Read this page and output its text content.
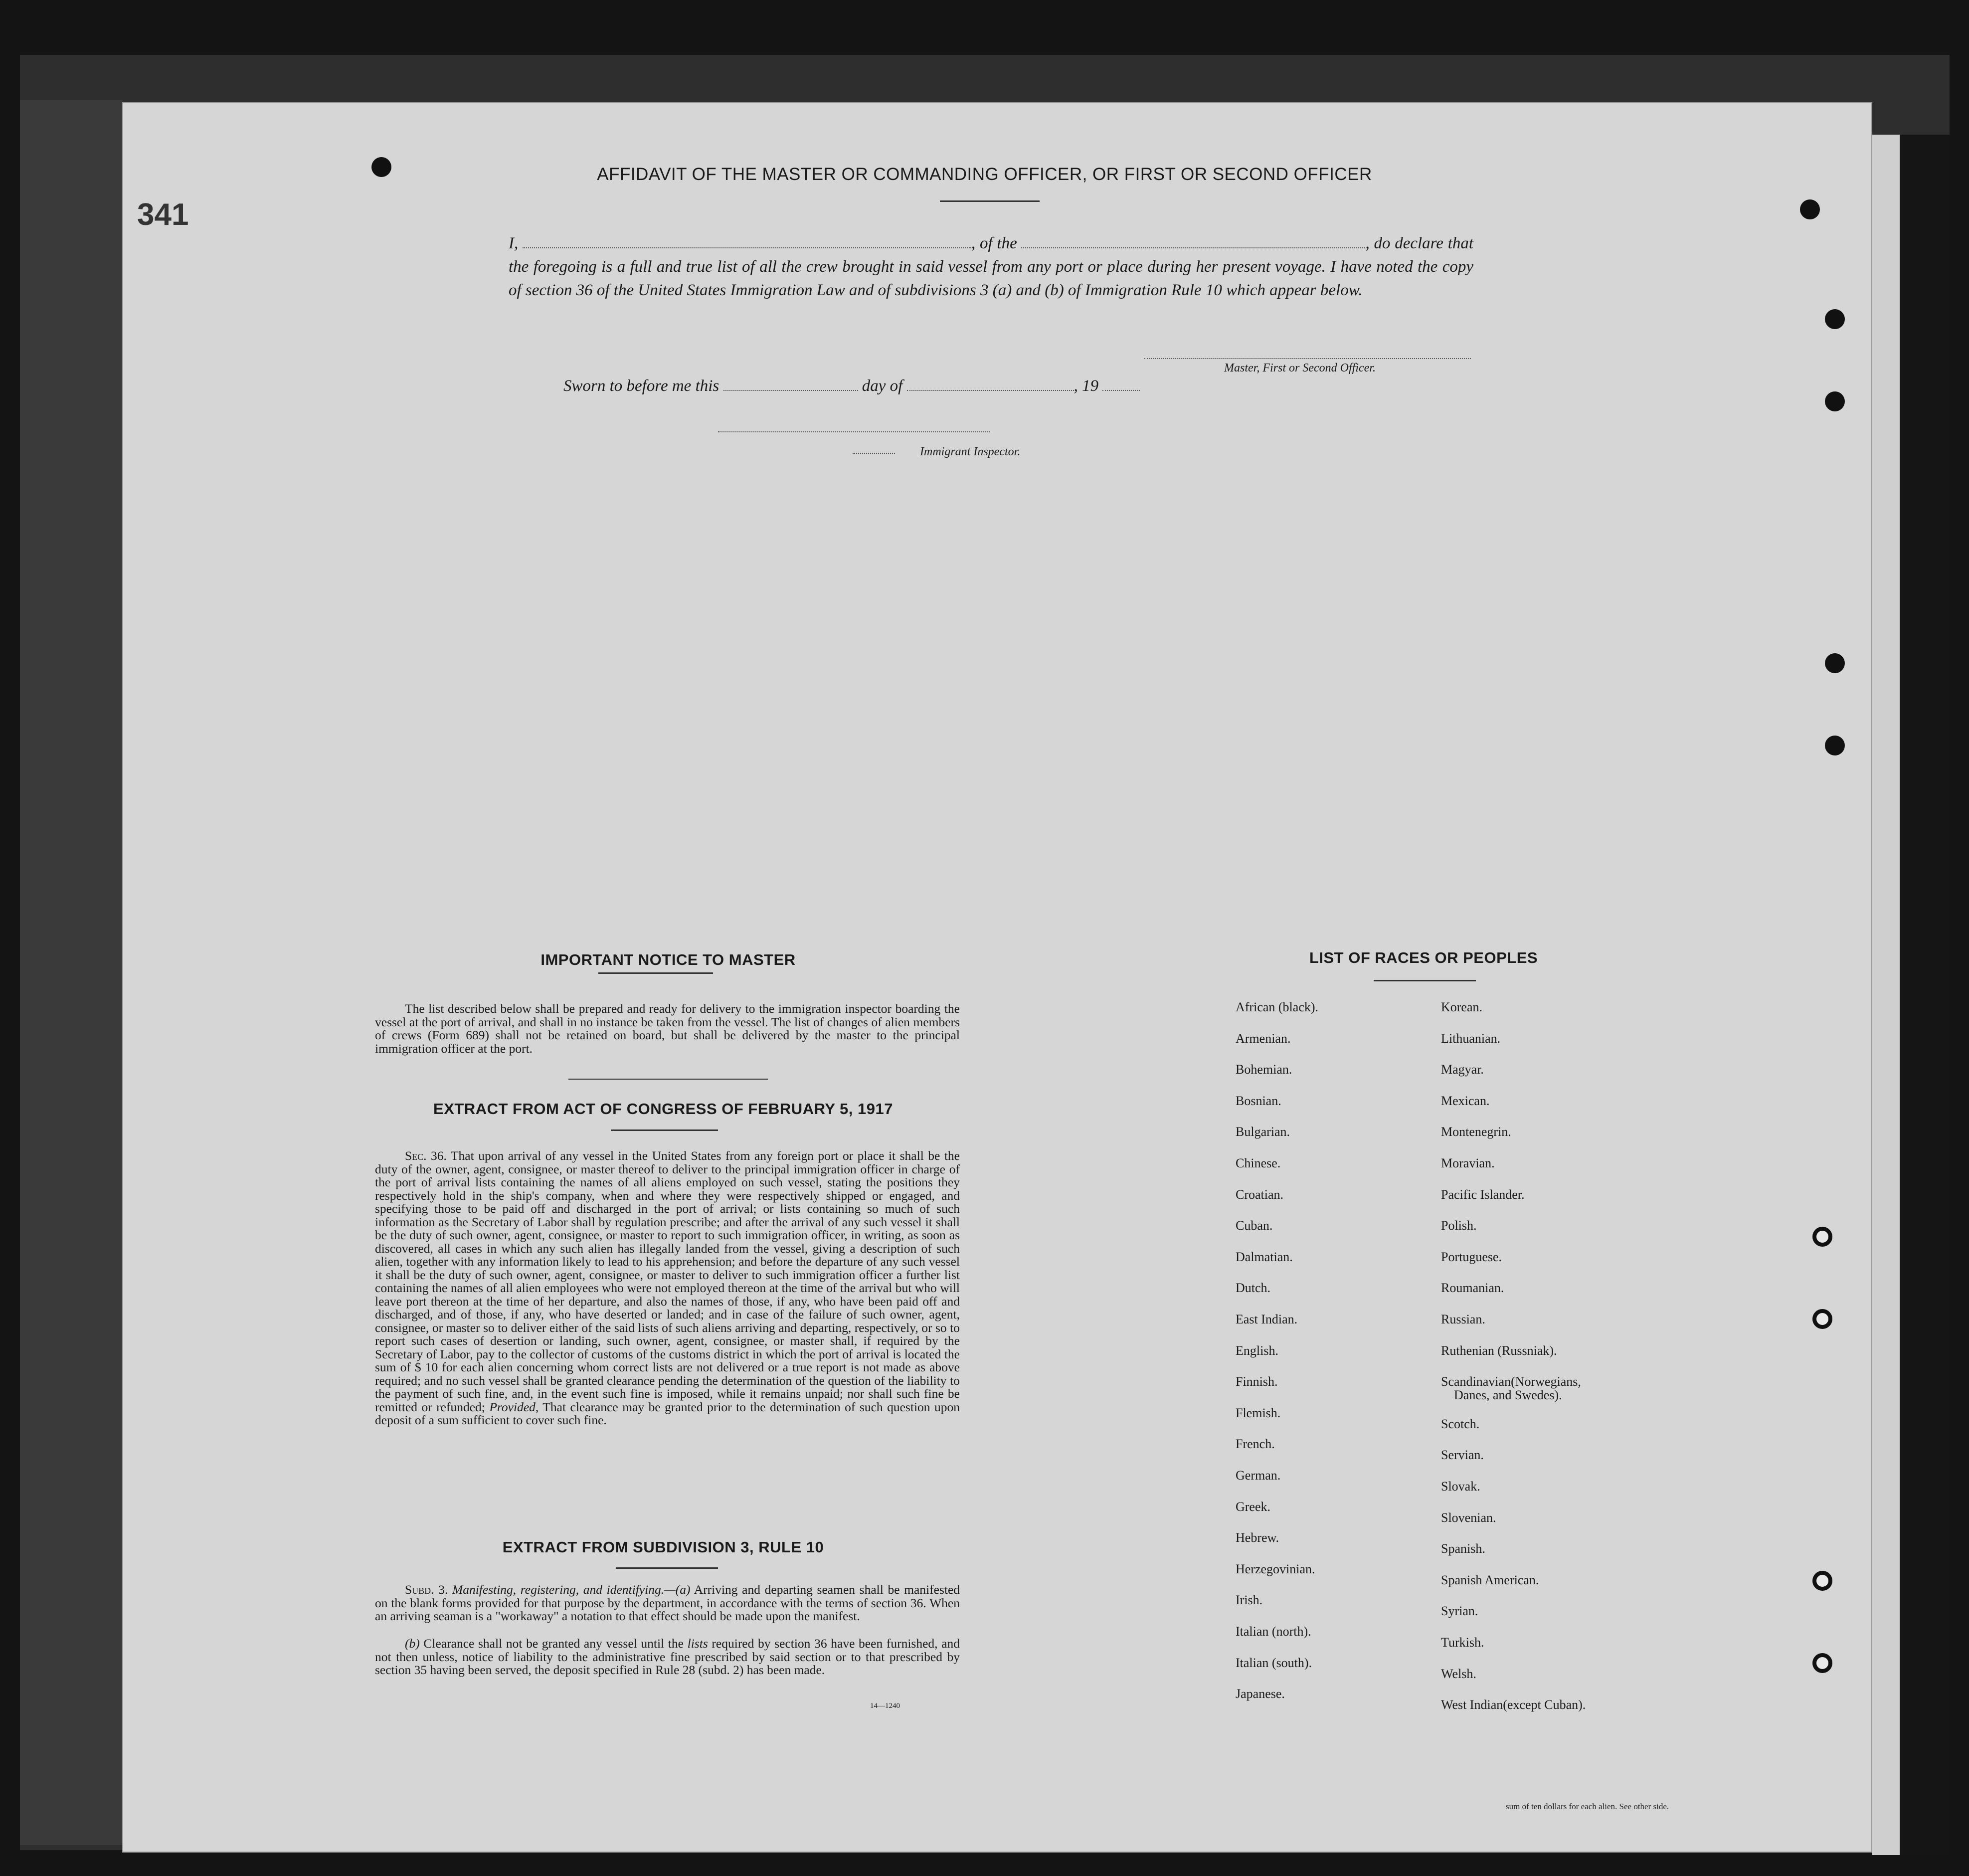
341
AFFIDAVIT OF THE MASTER OR COMMANDING OFFICER, OR FIRST OR SECOND OFFICER
I,	, of the	, do declare that the foregoing is a full and true list of all the crew brought in said vessel from any port or place during her present voyage. I have noted the copy of section 36 of the United States Immigration Law and of subdivisions 3 (a) and (b) of Immigration Rule 10 which appear below.
Master, First or Second Officer.
Sworn to before me this	day of	, 19
Immigrant Inspector.
IMPORTANT NOTICE TO MASTER
The list described below shall be prepared and ready for delivery to the immigration inspector boarding the vessel at the port of arrival, and shall in no instance be taken from the vessel. The list of changes of alien members of crews (Form 689) shall not be retained on board, but shall be delivered by the master to the principal immigration officer at the port.
EXTRACT FROM ACT OF CONGRESS OF FEBRUARY 5, 1917
Sec. 36. That upon arrival of any vessel in the United States from any foreign port or place it shall be the duty of the owner, agent, consignee, or master thereof to deliver to the principal immigration officer in charge of the port of arrival lists containing the names of all aliens employed on such vessel, stating the positions they respectively hold in the ship's company, when and where they were respectively shipped or engaged, and specifying those to be paid off and discharged in the port of arrival; or lists containing so much of such information as the Secretary of Labor shall by regulation prescribe; and after the arrival of any such vessel it shall be the duty of such owner, agent, consignee, or master to report to such immigration officer, in writing, as soon as discovered, all cases in which any such alien has illegally landed from the vessel, giving a description of such alien, together with any information likely to lead to his apprehension; and before the departure of any such vessel it shall be the duty of such owner, agent, consignee, or master to deliver to such immigration officer a further list containing the names of all alien employees who were not employed thereon at the time of the arrival but who will leave port thereon at the time of her departure, and also the names of those, if any, who have been paid off and discharged, and of those, if any, who have deserted or landed; and in case of the failure of such owner, agent, consignee, or master so to deliver either of the said lists of such aliens arriving and departing, respectively, or so to report such cases of desertion or landing, such owner, agent, consignee, or master shall, if required by the Secretary of Labor, pay to the collector of customs of the customs district in which the port of arrival is located the sum of $ 10 for each alien concerning whom correct lists are not delivered or a true report is not made as above required; and no such vessel shall be granted clearance pending the determination of the question of the liability to the payment of such fine, and, in the event such fine is imposed, while it remains unpaid; nor shall such fine be remitted or refunded; Provided, That clearance may be granted prior to the determination of such question upon deposit of a sum sufficient to cover such fine.
EXTRACT FROM SUBDIVISION 3, RULE 10
Subd. 3. Manifesting, registering, and identifying.—(a) Arriving and departing seamen shall be manifested on the blank forms provided for that purpose by the department, in accordance with the terms of section 36. When an arriving seaman is a "workaway" a notation to that effect should be made upon the manifest.
(b) Clearance shall not be granted any vessel until the lists required by section 36 have been furnished, and not then unless, notice of liability to the administrative fine prescribed by said section or to that prescribed by section 35 having been served, the deposit specified in Rule 28 (subd. 2) has been made.
14—1240
LIST OF RACES OR PEOPLES
African (black).
Armenian.
Bohemian.
Bosnian.
Bulgarian.
Chinese.
Croatian.
Cuban.
Dalmatian.
Dutch.
East Indian.
English.
Finnish.
Flemish.
French.
German.
Greek.
Hebrew.
Herzegovinian.
Irish.
Italian (north).
Italian (south).
Japanese.
Korean.
Lithuanian.
Magyar.
Mexican.
Montenegrin.
Moravian.
Pacific Islander.
Polish.
Portuguese.
Roumanian.
Russian.
Ruthenian (Russniak).
Scandinavian(Norwegians,
Scotch.
Servian.
Slovak.
Slovenian.
Spanish.
Spanish American.
Syrian.
Turkish.
Welsh.
West Indian(except Cuban).
Danes, and Swedes).
sum of ten dollars for each alien. See other side.
